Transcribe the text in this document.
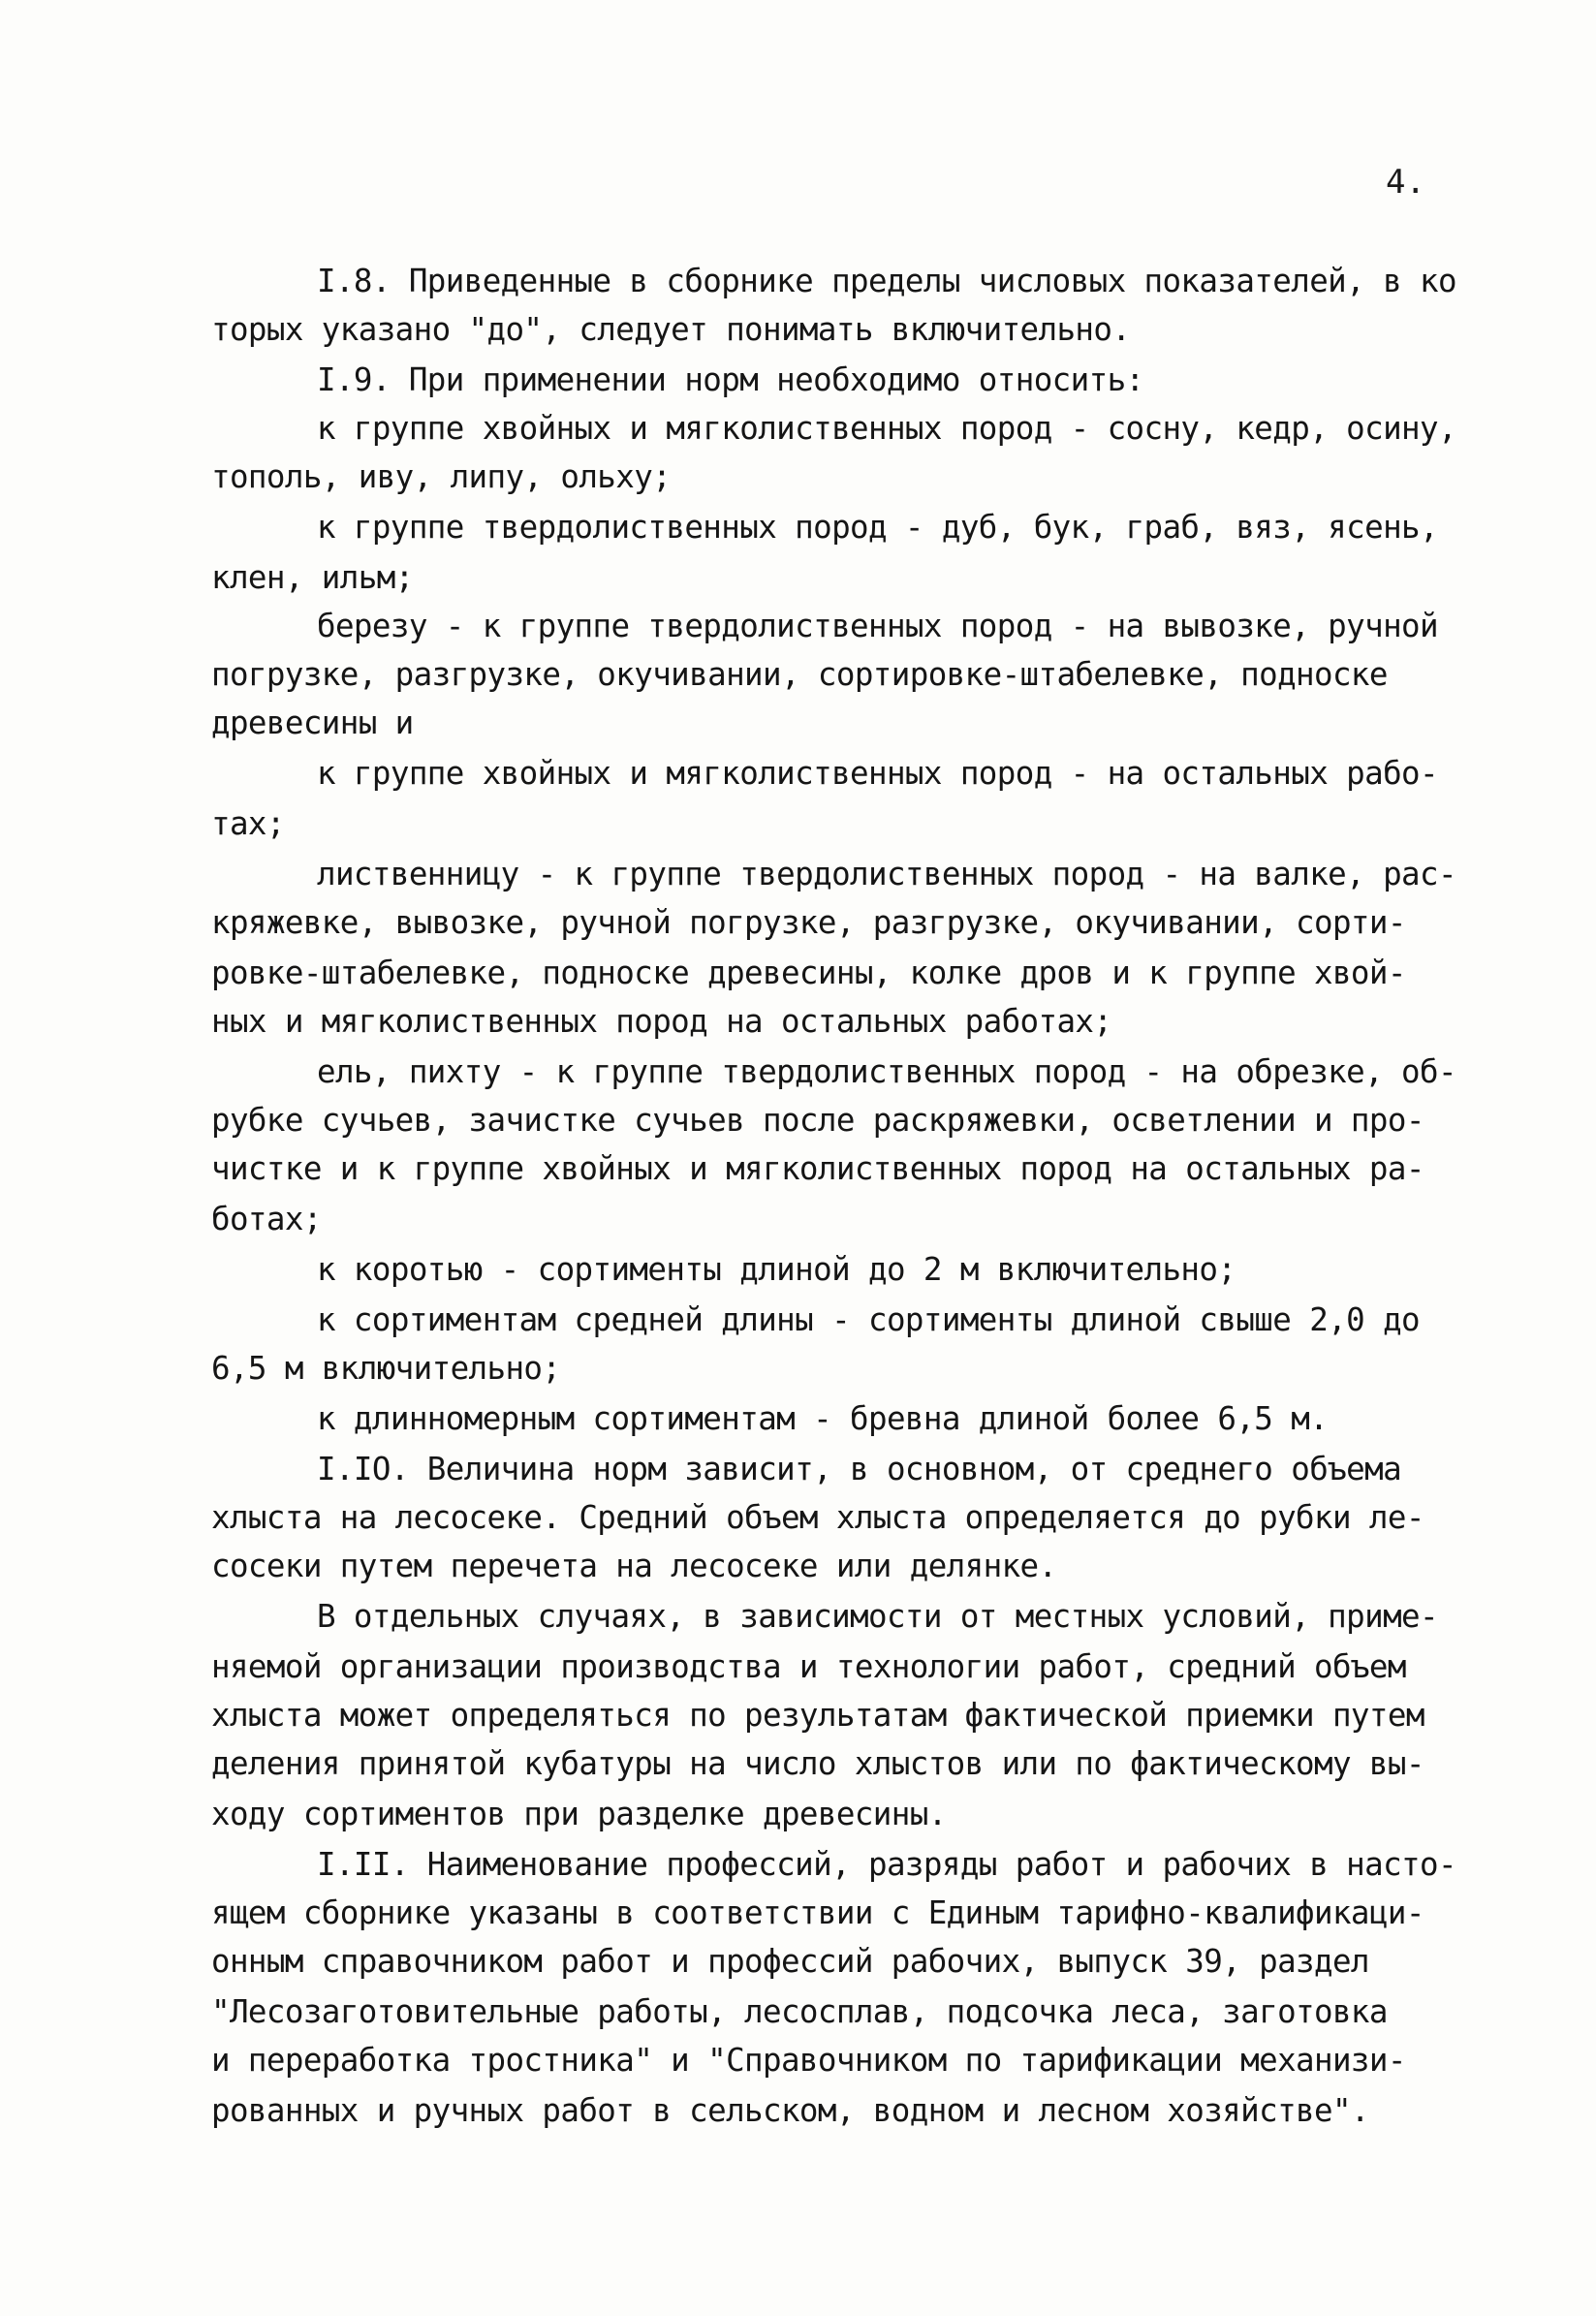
4.
I.8. Приведенные в сборнике пределы числовых показателей, в ко
торых указано "до", следует понимать включительно.
I.9. При применении норм необходимо относить:
к группе хвойных и мягколиственных пород - сосну, кедр, осину,
тополь, иву, липу, ольху;
к группе твердолиственных пород - дуб, бук, граб, вяз, ясень,
клен, ильм;
березу - к группе твердолиственных пород - на вывозке, ручной
погрузке, разгрузке, окучивании, сортировке-штабелевке, подноске
древесины и
к группе хвойных и мягколиственных пород - на остальных рабо-
тах;
лиственницу - к группе твердолиственных пород - на валке, рас-
кряжевке, вывозке, ручной погрузке, разгрузке, окучивании, сорти-
ровке-штабелевке, подноске древесины, колке дров и к группе хвой-
ных и мягколиственных пород на остальных работах;
ель, пихту - к группе твердолиственных пород - на обрезке, об-
рубке сучьев, зачистке сучьев после раскряжевки, осветлении и про-
чистке и к группе хвойных и мягколиственных пород на остальных ра-
ботах;
к коротью - сортименты длиной до 2 м включительно;
к сортиментам средней длины - сортименты длиной свыше 2,0 до
6,5 м включительно;
к длинномерным сортиментам - бревна длиной более 6,5 м.
I.IO. Величина норм зависит, в основном, от среднего объема
хлыста на лесосеке. Средний объем хлыста определяется до рубки ле-
сосеки путем перечета на лесосеке или делянке.
В отдельных случаях, в зависимости от местных условий, приме-
няемой организации производства и технологии работ, средний объем
хлыста может определяться по результатам фактической приемки путем
деления принятой кубатуры на число хлыстов или по фактическому вы-
ходу сортиментов при разделке древесины.
I.II. Наименование профессий, разряды работ и рабочих в насто-
ящем сборнике указаны в соответствии с Единым тарифно-квалификаци-
онным справочником работ и профессий рабочих, выпуск 39, раздел
"Лесозаготовительные работы, лесосплав, подсочка леса, заготовка
и переработка тростника" и "Справочником по тарификации механизи-
рованных и ручных работ в сельском, водном и лесном хозяйстве".
